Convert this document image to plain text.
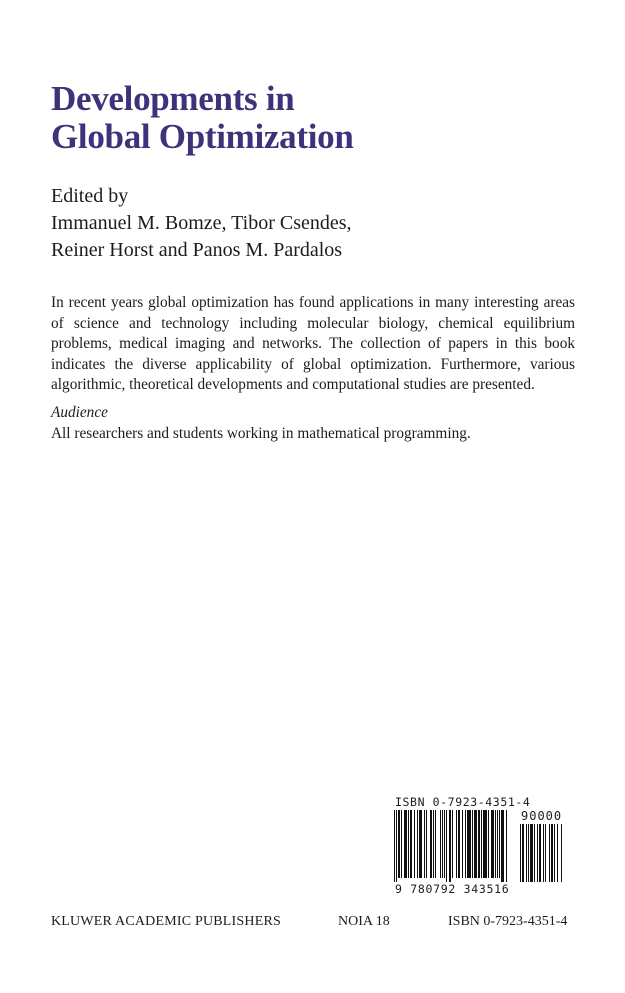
Developments in
Global Optimization
Edited by
Immanuel M. Bomze, Tibor Csendes,
Reiner Horst and Panos M. Pardalos

In recent years global optimization has found applications in many interesting areas of science and technology including molecular biology, chemical equilibrium problems, medical imaging and networks. The collection of papers in this book indicates the diverse applicability of global optimization. Furthermore, various algorithmic, theoretical developments and computational studies are presented.

Audience
All researchers and students working in mathematical programming.
ISBN 0-7923-4351-4
90000
9 780792 343516
KLUWER ACADEMIC PUBLISHERS	NOIA 18	ISBN 0-7923-4351-4
